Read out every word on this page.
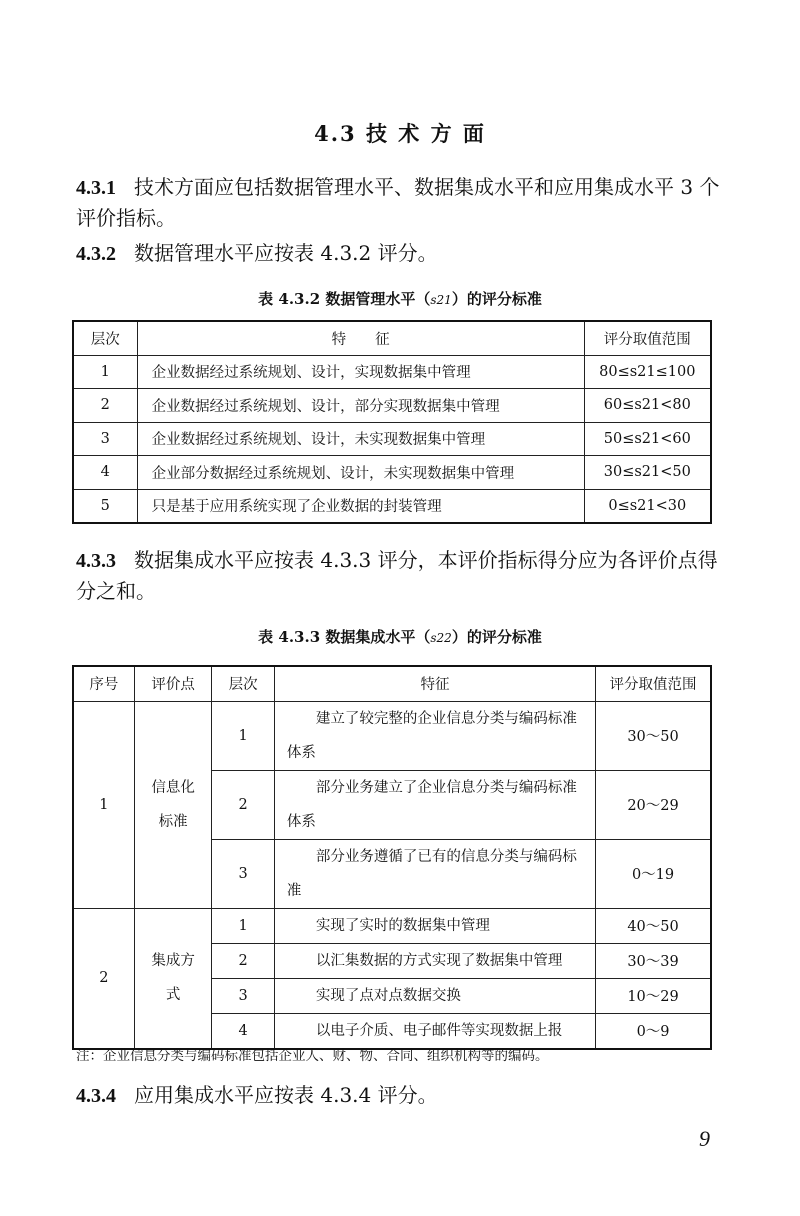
4.3 技 术 方 面
4.3.1 技术方面应包括数据管理水平、数据集成水平和应用集成水平 3 个评价指标。
4.3.2 数据管理水平应按表 4.3.2 评分。
表 4.3.2 数据管理水平（s21）的评分标准
层次	特　　征	评分取值范围
1	企业数据经过系统规划、设计，实现数据集中管理	80≤s21≤100
2	企业数据经过系统规划、设计，部分实现数据集中管理	60≤s21<80
3	企业数据经过系统规划、设计，未实现数据集中管理	50≤s21<60
4	企业部分数据经过系统规划、设计，未实现数据集中管理	30≤s21<50
5	只是基于应用系统实现了企业数据的封装管理	0≤s21<30
4.3.3 数据集成水平应按表 4.3.3 评分，本评价指标得分应为各评价点得分之和。
表 4.3.3 数据集成水平（s22）的评分标准
序号	评价点	层次	特征	评分取值范围
1	信息化标准	1	建立了较完整的企业信息分类与编码标准体系	30～50
		2	部分业务建立了企业信息分类与编码标准体系	20～29
		3	部分业务遵循了已有的信息分类与编码标准	0～19
2	集成方式	1	实现了实时的数据集中管理	40～50
		2	以汇集数据的方式实现了数据集中管理	30～39
		3	实现了点对点数据交换	10～29
		4	以电子介质、电子邮件等实现数据上报	0～9
注：企业信息分类与编码标准包括企业人、财、物、合同、组织机构等的编码。
4.3.4 应用集成水平应按表 4.3.4 评分。
9
